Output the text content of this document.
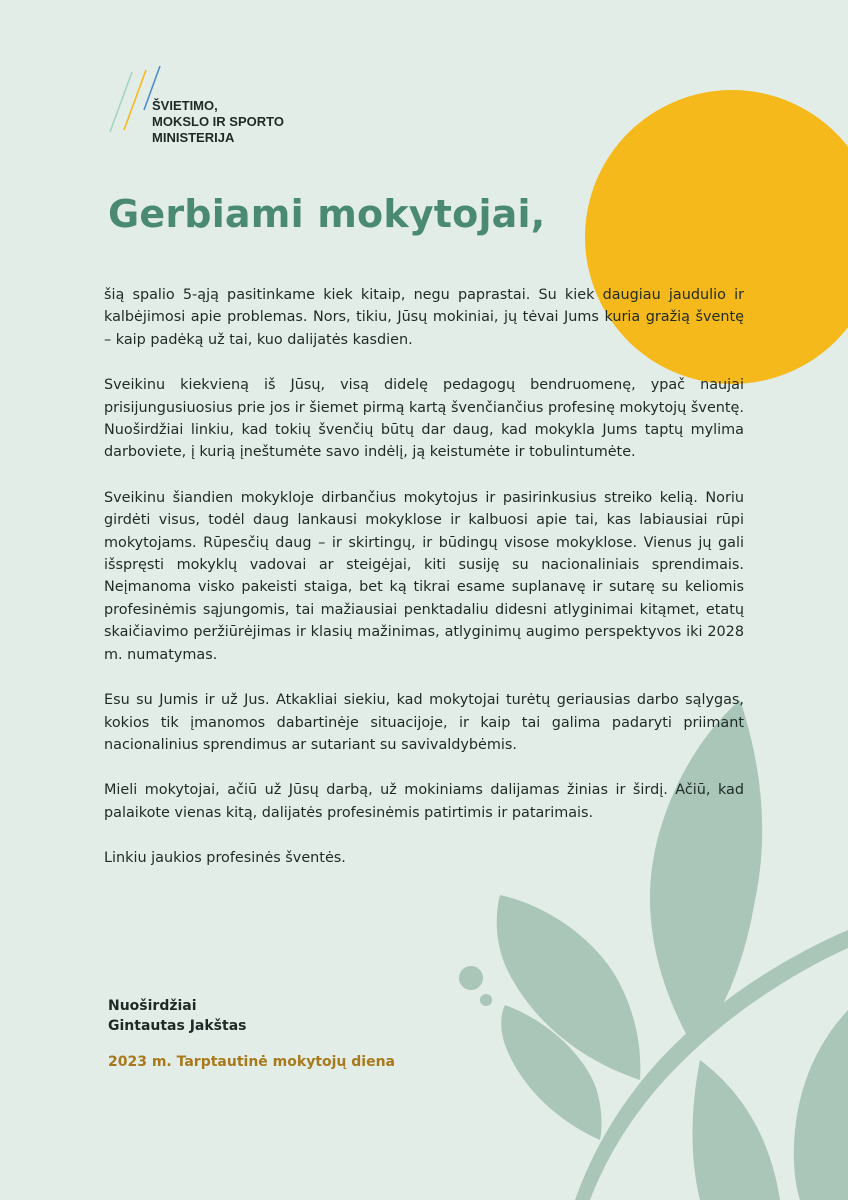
ŠVIETIMO,
MOKSLO IR SPORTO
MINISTERIJA
Gerbiami mokytojai,

šią spalio 5-ąją pasitinkame kiek kitaip, negu paprastai. Su kiek daugiau jaudulio ir kalbėjimosi apie problemas. Nors, tikiu, Jūsų mokiniai, jų tėvai Jums kuria gražią šventę – kaip padėką už tai, kuo dalijatės kasdien.

Sveikinu kiekvieną iš Jūsų, visą didelę pedagogų bendruomenę, ypač naujai prisijungusiuosius prie jos ir šiemet pirmą kartą švenčiančius profesinę mokytojų šventę. Nuoširdžiai linkiu, kad tokių švenčių būtų dar daug, kad mokykla Jums taptų mylima darboviete, į kurią įneštumėte savo indėlį, ją keistumėte ir tobulintumėte.

Sveikinu šiandien mokykloje dirbančius mokytojus ir pasirinkusius streiko kelią. Noriu girdėti visus, todėl daug lankausi mokyklose ir kalbuosi apie tai, kas labiausiai rūpi mokytojams. Rūpesčių daug – ir skirtingų, ir būdingų visose mokyklose. Vienus jų gali išspręsti mokyklų vadovai ar steigėjai, kiti susiję su nacionaliniais sprendimais. Neįmanoma visko pakeisti staiga, bet ką tikrai esame suplanavę ir sutarę su keliomis profesinėmis sąjungomis, tai mažiausiai penktadaliu didesni atlyginimai kitąmet, etatų skaičiavimo peržiūrėjimas ir klasių mažinimas, atlyginimų augimo perspektyvos iki 2028 m. numatymas.

Esu su Jumis ir už Jus. Atkakliai siekiu, kad mokytojai turėtų geriausias darbo sąlygas, kokios tik įmanomos dabartinėje situacijoje, ir kaip tai galima padaryti priimant nacionalinius sprendimus ar sutariant su savivaldybėmis.

Mieli mokytojai, ačiū už Jūsų darbą, už mokiniams dalijamas žinias ir širdį. Ačiū, kad palaikote vienas kitą, dalijatės profesinėmis patirtimis ir patarimais.

Linkiu jaukios profesinės šventės.

Nuoširdžiai
Gintautas Jakštas
2023 m. Tarptautinė mokytojų diena
